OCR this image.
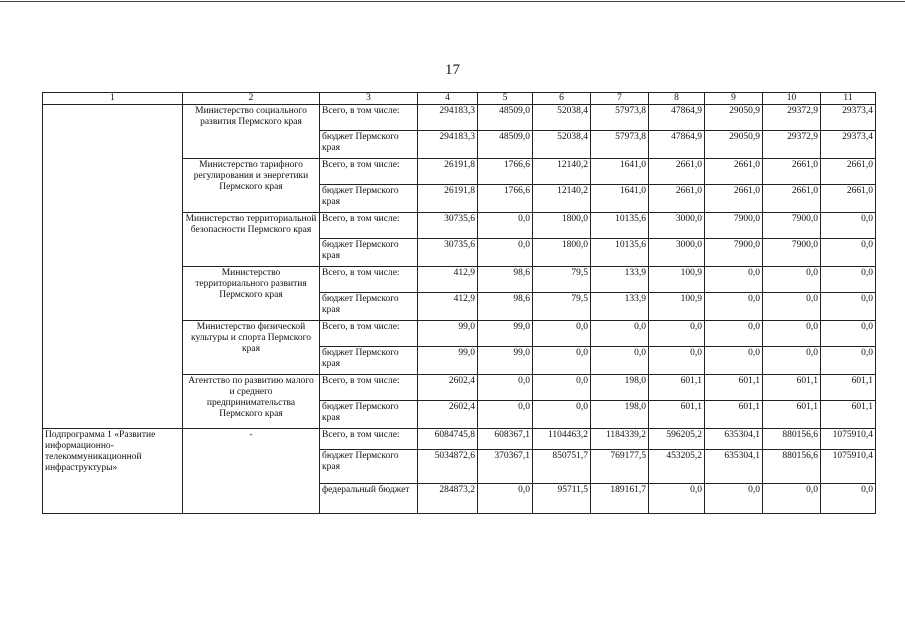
17
1	2	3	4	5	6	7	8	9	10	11
	Министерство социального развития Пермского края	Всего, в том числе:	294183,3	48509,0	52038,4	57973,8	47864,9	29050,9	29372,9	29373,4
		бюджет Пермского края	294183,3	48509,0	52038,4	57973,8	47864,9	29050,9	29372,9	29373,4
	Министерство тарифного регулирования и энергетики Пермского края	Всего, в том числе:	26191,8	1766,6	12140,2	1641,0	2661,0	2661,0	2661,0	2661,0
		бюджет Пермского края	26191,8	1766,6	12140,2	1641,0	2661,0	2661,0	2661,0	2661,0
	Министерство территориальной безопасности Пермского края	Всего, в том числе:	30735,6	0,0	1800,0	10135,6	3000,0	7900,0	7900,0	0,0
		бюджет Пермского края	30735,6	0,0	1800,0	10135,6	3000,0	7900,0	7900,0	0,0
	Министерство территориального развития Пермского края	Всего, в том числе:	412,9	98,6	79,5	133,9	100,9	0,0	0,0	0,0
		бюджет Пермского края	412,9	98,6	79,5	133,9	100,9	0,0	0,0	0,0
	Министерство физической культуры и спорта Пермского края	Всего, в том числе:	99,0	99,0	0,0	0,0	0,0	0,0	0,0	0,0
		бюджет Пермского края	99,0	99,0	0,0	0,0	0,0	0,0	0,0	0,0
	Агентство по развитию малого и среднего предпринимательства Пермского края	Всего, в том числе:	2602,4	0,0	0,0	198,0	601,1	601,1	601,1	601,1
		бюджет Пермского края	2602,4	0,0	0,0	198,0	601,1	601,1	601,1	601,1
Подпрограмма 1 «Развитие информационно-телекоммуникационной инфраструктуры»	-	Всего, в том числе:	6084745,8	608367,1	1104463,2	1184339,2	596205,2	635304,1	880156,6	1075910,4
		бюджет Пермского края	5034872,6	370367,1	850751,7	769177,5	453205,2	635304,1	880156,6	1075910,4
		федеральный бюджет	284873,2	0,0	95711,5	189161,7	0,0	0,0	0,0	0,0
